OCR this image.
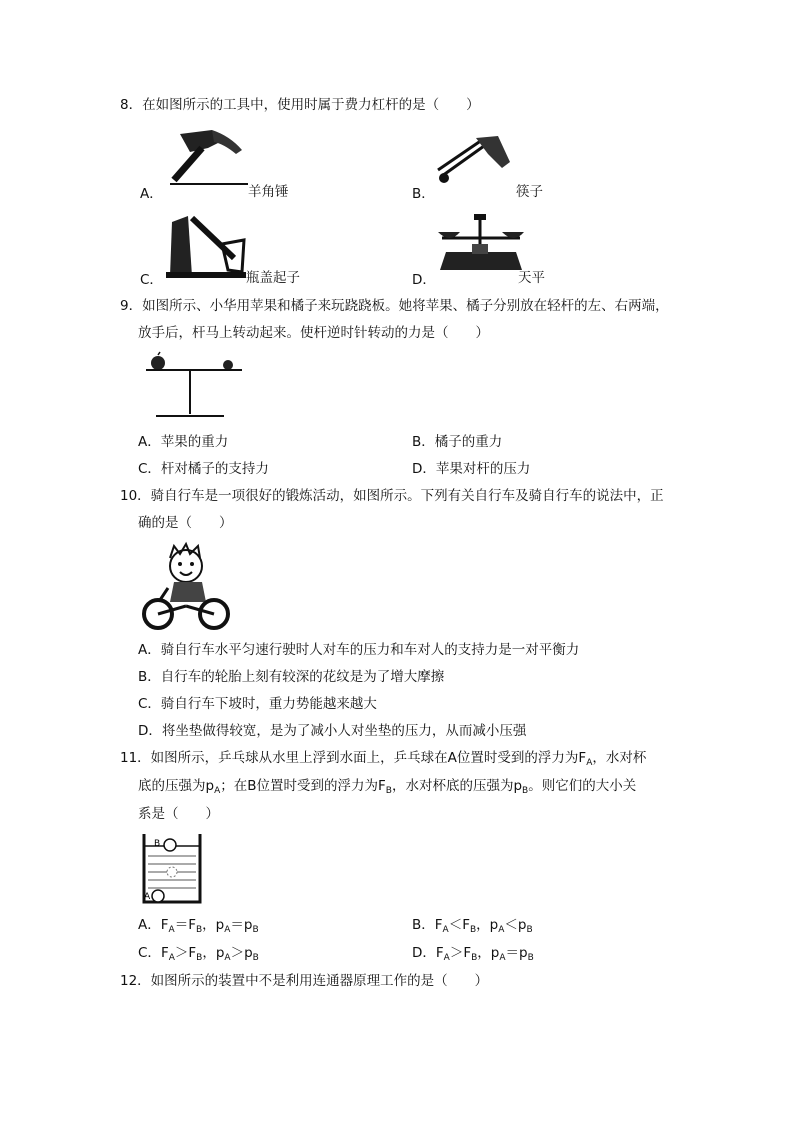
8．在如图所示的工具中，使用时属于费力杠杆的是（　　）
A．	羊角锤	B．	筷子
C．	瓶盖起子	D．	天平
9．如图所示、小华用苹果和橘子来玩跷跷板。她将苹果、橘子分别放在轻杆的左、右两端，
放手后，杆马上转动起来。使杆逆时针转动的力是（　　）
A．苹果的重力	B．橘子的重力
C．杆对橘子的支持力	D．苹果对杆的压力
10．骑自行车是一项很好的锻炼活动，如图所示。下列有关自行车及骑自行车的说法中，正
确的是（　　）
A．骑自行车水平匀速行驶时人对车的压力和车对人的支持力是一对平衡力
B．自行车的轮胎上刻有较深的花纹是为了增大摩擦
C．骑自行车下坡时，重力势能越来越大
D．将坐垫做得较宽，是为了减小人对坐垫的压力，从而减小压强
11．如图所示，乒乓球从水里上浮到水面上，乒乓球在A位置时受到的浮力为$F_A$，水对杯
底的压强为$p_A$；在B位置时受到的浮力为$F_B$，水对杯底的压强为$p_B$。则它们的大小关
系是（　　）
B
A
A．$F_A=F_B$，$p_A=p_B$	B．$F_A<F_B$，$p_A<p_B$
C．$F_A>F_B$，$p_A>p_B$	D．$F_A>F_B$，$p_A=p_B$
12．如图所示的装置中不是利用连通器原理工作的是（　　）
